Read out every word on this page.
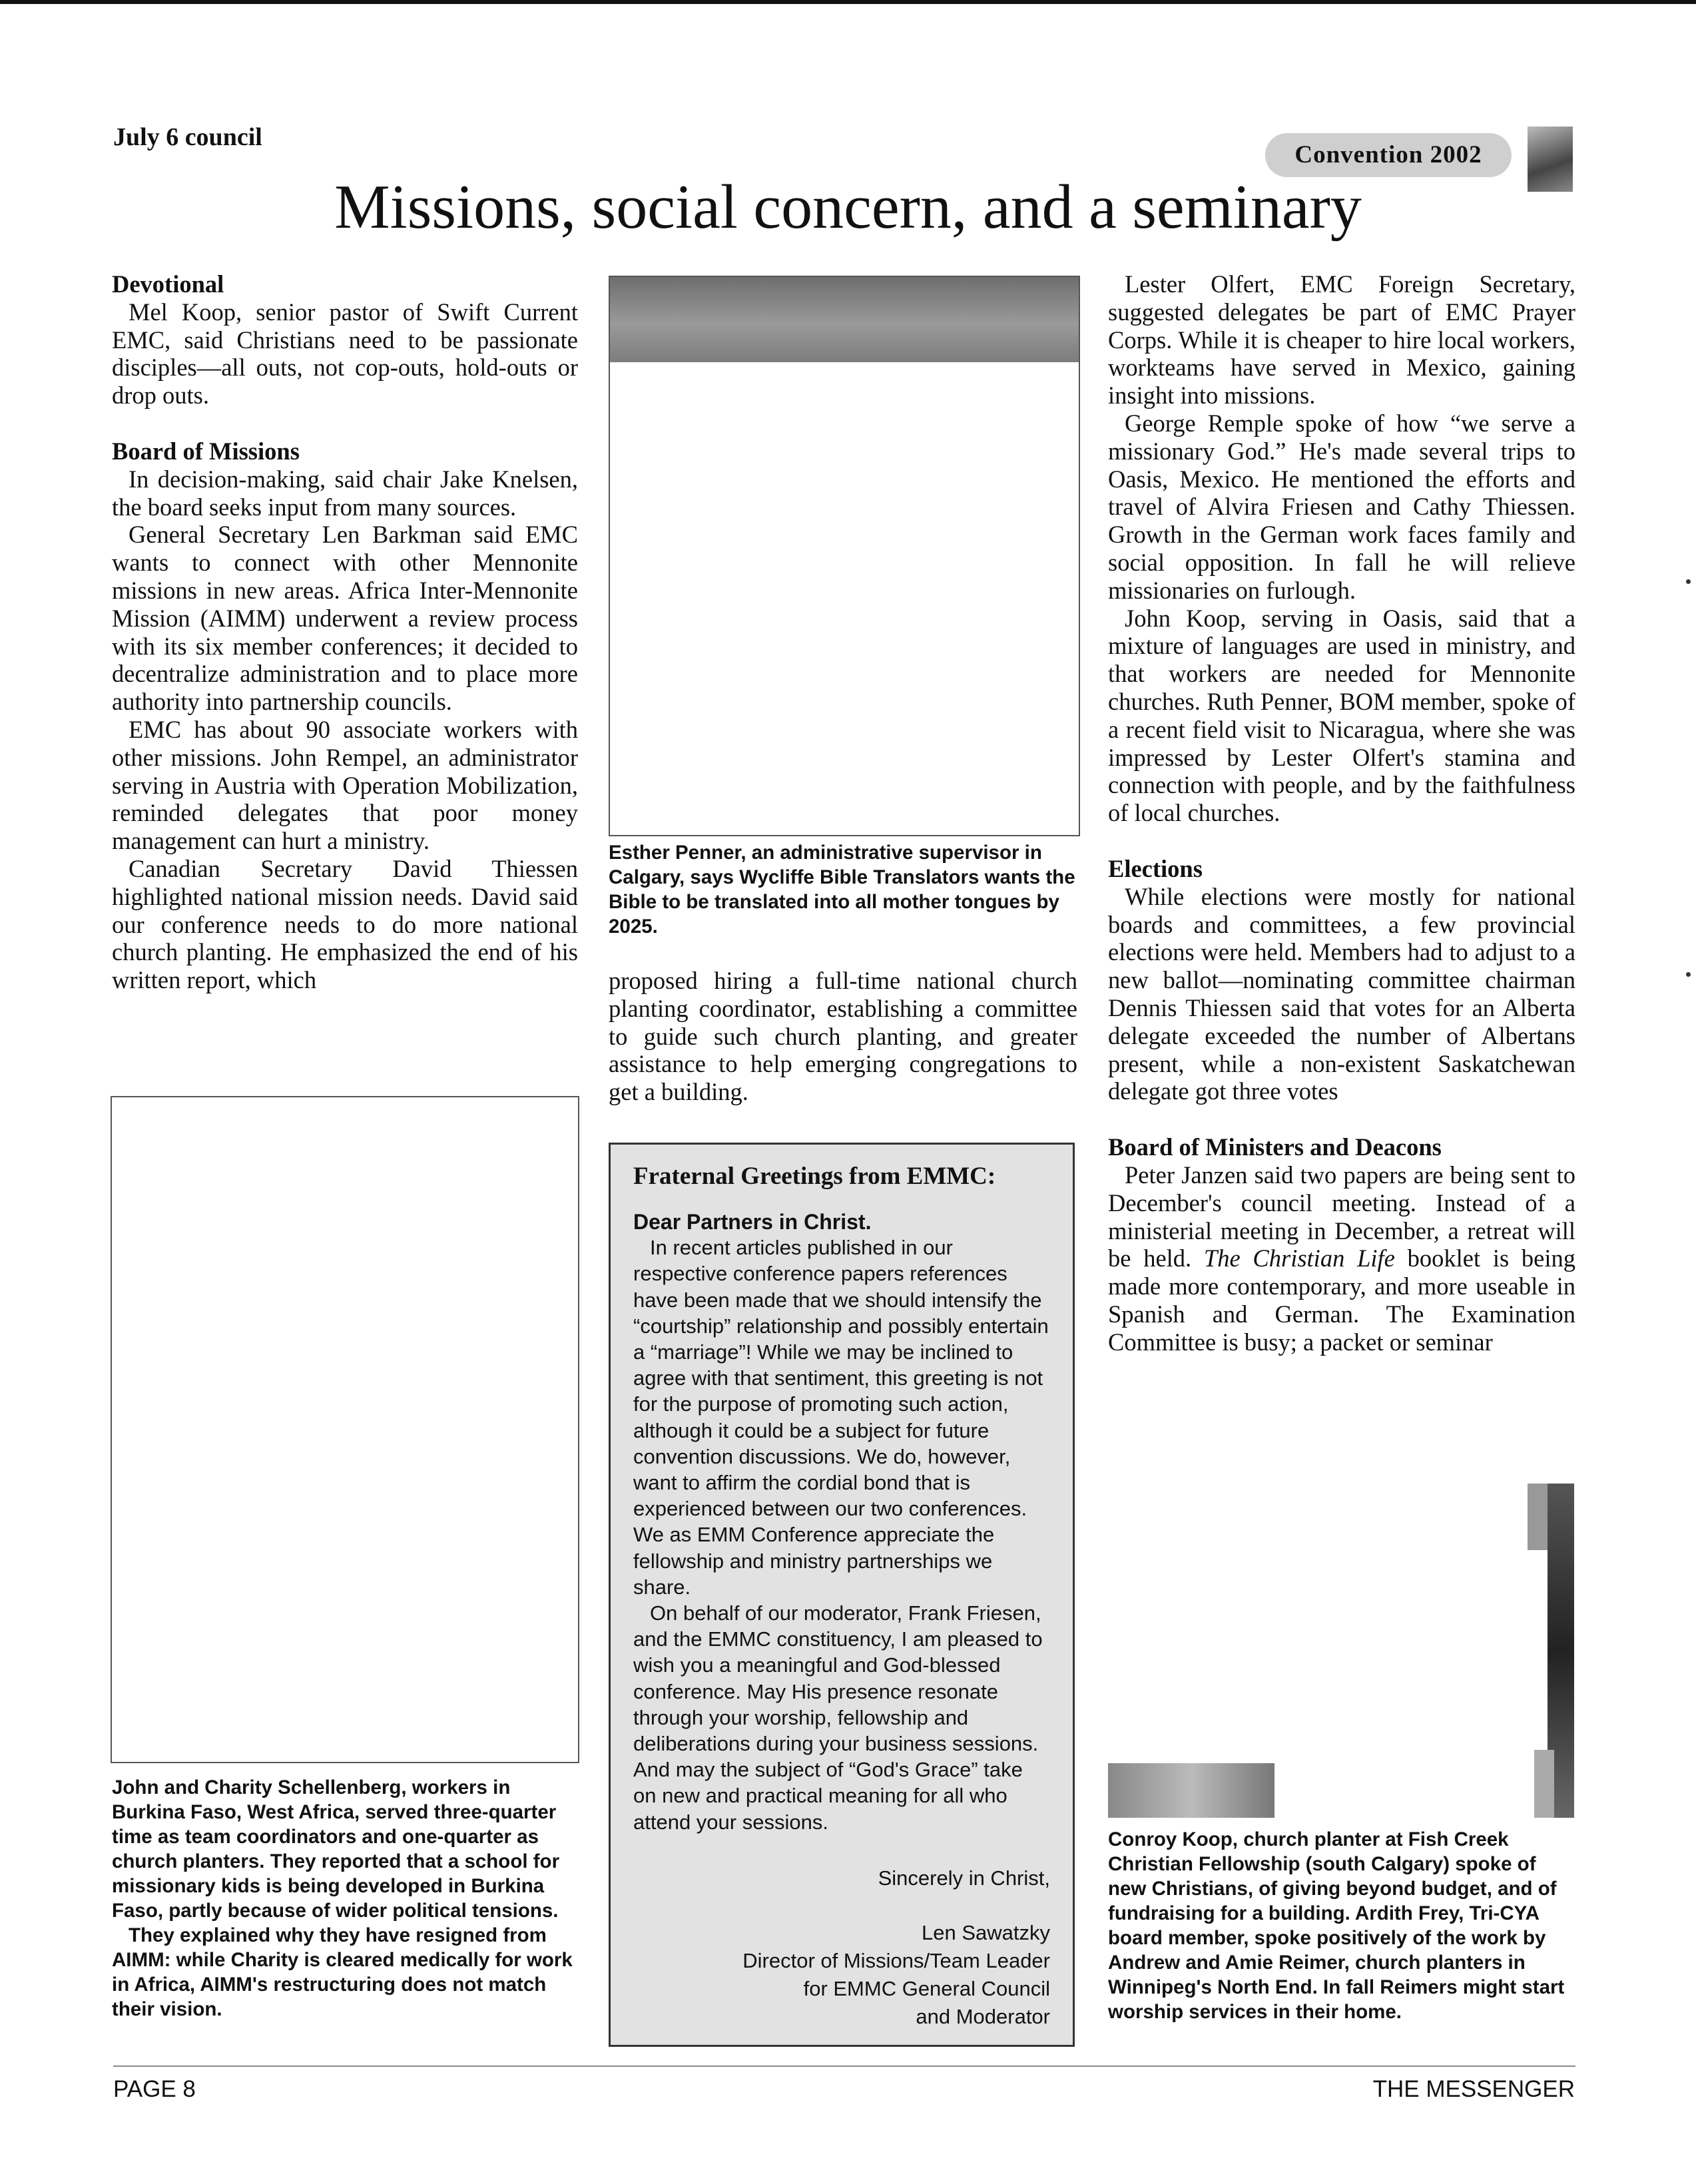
July 6 council
Convention 2002
Missions, social concern, and a seminary
Devotional

Mel Koop, senior pastor of Swift Current EMC, said Christians need to be passionate disciples—all outs, not cop-outs, hold-outs or drop outs.

Board of Missions

In decision-making, said chair Jake Knelsen, the board seeks input from many sources.

General Secretary Len Barkman said EMC wants to connect with other Mennonite missions in new areas. Africa Inter-Mennonite Mission (AIMM) underwent a review process with its six member conferences; it decided to decentralize administration and to place more authority into partnership councils.

EMC has about 90 associate workers with other missions. John Rempel, an administrator serving in Austria with Operation Mobilization, reminded delegates that poor money management can hurt a ministry.

Canadian Secretary David Thiessen highlighted national mission needs. David said our conference needs to do more national church planting. He emphasized the end of his written report, which

John and Charity Schellenberg, workers in Burkina Faso, West Africa, served three-quarter time as team coordinators and one-quarter as church planters. They reported that a school for missionary kids is being developed in Burkina Faso, partly because of wider political tensions.

They explained why they have resigned from AIMM: while Charity is cleared medically for work in Africa, AIMM's restructuring does not match their vision.

Esther Penner, an administrative supervisor in Calgary, says Wycliffe Bible Translators wants the Bible to be translated into all mother tongues by 2025.

proposed hiring a full-time national church planting coordinator, establishing a committee to guide such church planting, and greater assistance to help emerging congregations to get a building.

Fraternal Greetings from EMMC:
Dear Partners in Christ.

In recent articles published in our respective conference papers references have been made that we should intensify the “courtship” relationship and possibly entertain a “marriage”! While we may be inclined to agree with that sentiment, this greeting is not for the purpose of promoting such action, although it could be a subject for future convention discussions. We do, however, want to affirm the cordial bond that is experienced between our two conferences. We as EMM Conference appreciate the fellowship and ministry partnerships we share.

On behalf of our moderator, Frank Friesen, and the EMMC constituency, I am pleased to wish you a meaningful and God-blessed conference. May His presence resonate through your worship, fellowship and deliberations during your business sessions. And may the subject of “God's Grace” take on new and practical meaning for all who attend your sessions.

Sincerely in Christ,
Len Sawatzky
Director of Missions/Team Leader
for EMMC General Council
and Moderator

Lester Olfert, EMC Foreign Secretary, suggested delegates be part of EMC Prayer Corps. While it is cheaper to hire local workers, workteams have served in Mexico, gaining insight into missions.

George Remple spoke of how “we serve a missionary God.” He's made several trips to Oasis, Mexico. He mentioned the efforts and travel of Alvira Friesen and Cathy Thiessen. Growth in the German work faces family and social opposition. In fall he will relieve missionaries on furlough.

John Koop, serving in Oasis, said that a mixture of languages are used in ministry, and that workers are needed for Mennonite churches. Ruth Penner, BOM member, spoke of a recent field visit to Nicaragua, where she was impressed by Lester Olfert's stamina and connection with people, and by the faithfulness of local churches.

Elections

While elections were mostly for national boards and committees, a few provincial elections were held. Members had to adjust to a new ballot—nominating committee chairman Dennis Thiessen said that votes for an Alberta delegate exceeded the number of Albertans present, while a non-existent Saskatchewan delegate got three votes

Board of Ministers and Deacons

Peter Janzen said two papers are being sent to December's council meeting. Instead of a ministerial meeting in December, a retreat will be held. The Christian Life booklet is being made more contemporary, and more useable in Spanish and German. The Examination Committee is busy; a packet or seminar

Conroy Koop, church planter at Fish Creek Christian Fellowship (south Calgary) spoke of new Christians, of giving beyond budget, and of fundraising for a building. Ardith Frey, Tri-CYA board member, spoke positively of the work by Andrew and Amie Reimer, church planters in Winnipeg's North End. In fall Reimers might start worship services in their home.
PAGE 8	THE MESSENGER
